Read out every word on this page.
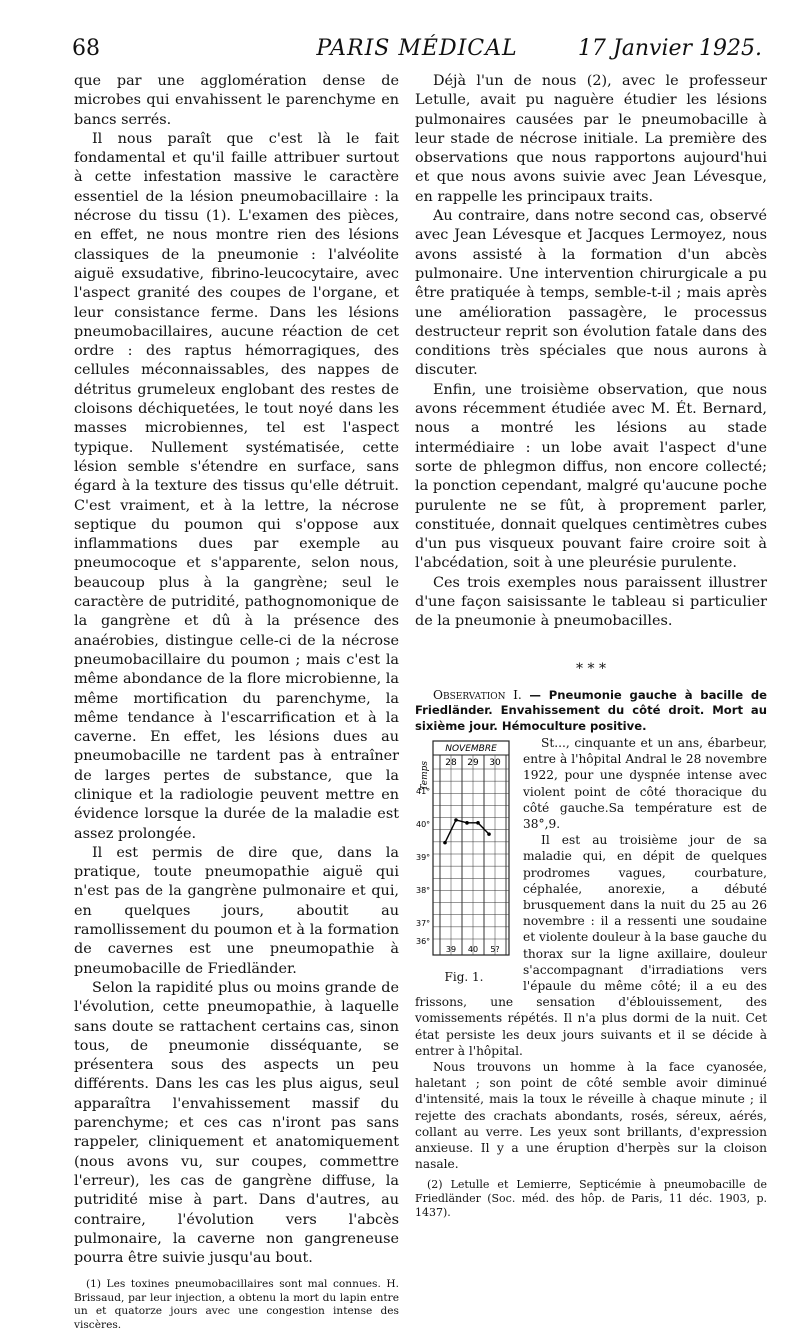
68	PARIS MÉDICAL	17 Janvier 1925.

que par une agglomération dense de microbes qui envahissent le parenchyme en bancs serrés.

Il nous paraît que c'est là le fait fondamental et qu'il faille attribuer surtout à cette infestation massive le caractère essentiel de la lésion pneumobacillaire : la nécrose du tissu (1). L'examen des pièces, en effet, ne nous montre rien des lésions classiques de la pneumonie : l'alvéolite aiguë exsudative, fibrino-leucocytaire, avec l'aspect granité des coupes de l'organe, et leur consistance ferme. Dans les lésions pneumobacillaires, aucune réaction de cet ordre : des raptus hémorragiques, des cellules méconnaissables, des nappes de détritus grumeleux englobant des restes de cloisons déchiquetées, le tout noyé dans les masses microbiennes, tel est l'aspect typique. Nullement systématisée, cette lésion semble s'étendre en surface, sans égard à la texture des tissus qu'elle détruit. C'est vraiment, et à la lettre, la nécrose septique du poumon qui s'oppose aux inflammations dues par exemple au pneumocoque et s'apparente, selon nous, beaucoup plus à la gangrène; seul le caractère de putridité, pathognomonique de la gangrène et dû à la présence des anaérobies, distingue celle-ci de la nécrose pneumobacillaire du poumon ; mais c'est la même abondance de la flore microbienne, la même mortification du parenchyme, la même tendance à l'escarrification et à la caverne. En effet, les lésions dues au pneumobacille ne tardent pas à entraîner de larges pertes de substance, que la clinique et la radiologie peuvent mettre en évidence lorsque la durée de la maladie est assez prolongée.

Il est permis de dire que, dans la pratique, toute pneumopathie aiguë qui n'est pas de la gangrène pulmonaire et qui, en quelques jours, aboutit au ramollissement du poumon et à la formation de cavernes est une pneumopathie à pneumobacille de Friedländer.

Selon la rapidité plus ou moins grande de l'évolution, cette pneumopathie, à laquelle sans doute se rattachent certains cas, sinon tous, de pneumonie disséquante, se présentera sous des aspects un peu différents. Dans les cas les plus aigus, seul apparaîtra l'envahissement massif du parenchyme; et ces cas n'iront pas sans rappeler, cliniquement et anatomiquement (nous avons vu, sur coupes, commettre l'erreur), les cas de gangrène diffuse, la putridité mise à part. Dans d'autres, au contraire, l'évolution vers l'abcès pulmonaire, la caverne non gangreneuse pourra être suivie jusqu'au bout.

(1) Les toxines pneumobacillaires sont mal connues. H. Brissaud, par leur injection, a obtenu la mort du lapin entre un et quatorze jours avec une congestion intense des viscères.

Déjà l'un de nous (2), avec le professeur Letulle, avait pu naguère étudier les lésions pulmonaires causées par le pneumobacille à leur stade de nécrose initiale. La première des observations que nous rapportons aujourd'hui et que nous avons suivie avec Jean Lévesque, en rappelle les principaux traits.

Au contraire, dans notre second cas, observé avec Jean Lévesque et Jacques Lermoyez, nous avons assisté à la formation d'un abcès pulmonaire. Une intervention chirurgicale a pu être pratiquée à temps, semble-t-il ; mais après une amélioration passagère, le processus destructeur reprit son évolution fatale dans des conditions très spéciales que nous aurons à discuter.

Enfin, une troisième observation, que nous avons récemment étudiée avec M. Ét. Bernard, nous a montré les lésions au stade intermédiaire : un lobe avait l'aspect d'une sorte de phlegmon diffus, non encore collecté; la ponction cependant, malgré qu'aucune poche purulente ne se fût, à proprement parler, constituée, donnait quelques centimètres cubes d'un pus visqueux pouvant faire croire soit à l'abcédation, soit à une pleurésie purulente.

Ces trois exemples nous paraissent illustrer d'une façon saisissante le tableau si particulier de la pneumonie à pneumobacilles.

* * *

Observation I. — Pneumonie gauche à bacille de Friedländer. Envahissement du côté droit. Mort au sixième jour. Hémoculture positive.

NOVEMBRE
Temps 28 29 30
41°
40°
39°
38°
37°
36°
39 40 5?
Fig. 1.

St..., cinquante et un ans, ébarbeur, entre à l'hôpital Andral le 28 novembre 1922, pour une dyspnée intense avec violent point de côté thoracique du côté gauche.Sa température est de 38°,9.

Il est au troisième jour de sa maladie qui, en dépit de quelques prodromes vagues, courbature, céphalée, anorexie, a débuté brusquement dans la nuit du 25 au 26 novembre : il a ressenti une soudaine et violente douleur à la base gauche du thorax sur la ligne axillaire, douleur s'accompagnant d'irradiations vers l'épaule du même côté; il a eu des frissons, une sensation d'éblouissement, des vomissements répétés. Il n'a plus dormi de la nuit. Cet état persiste les deux jours suivants et il se décide à entrer à l'hôpital.

Nous trouvons un homme à la face cyanosée, haletant ; son point de côté semble avoir diminué d'intensité, mais la toux le réveille à chaque minute ; il rejette des crachats abondants, rosés, séreux, aérés, collant au verre. Les yeux sont brillants, d'expression anxieuse. Il y a une éruption d'herpès sur la cloison nasale.

(2) Letulle et Lemierre, Septicémie à pneumobacille de Friedländer (Soc. méd. des hôp. de Paris, 11 déc. 1903, p. 1437).
